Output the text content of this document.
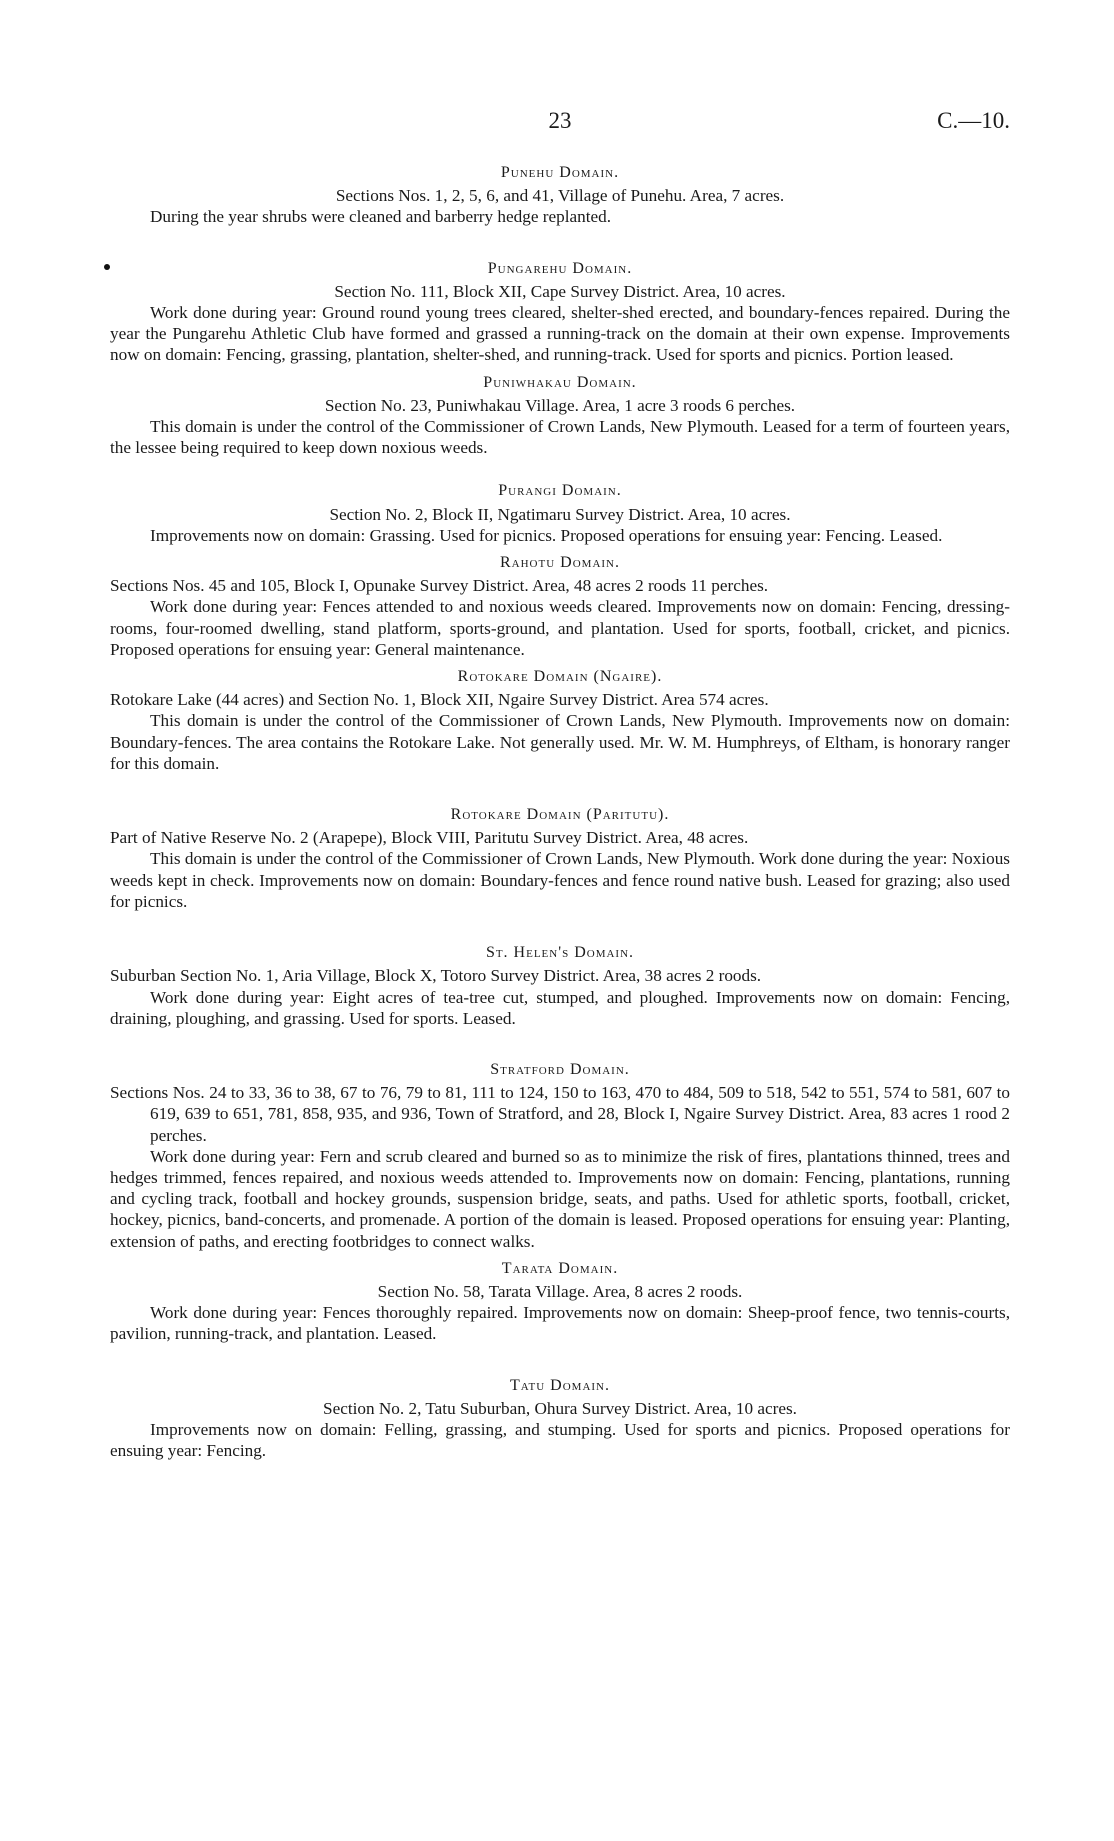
23	C.—10.
Punehu Domain.
Sections Nos. 1, 2, 5, 6, and 41, Village of Punehu. Area, 7 acres.

During the year shrubs were cleaned and barberry hedge replanted.

Pungarehu Domain.
Section No. 111, Block XII, Cape Survey District. Area, 10 acres.

Work done during year: Ground round young trees cleared, shelter-shed erected, and boundary-fences repaired. During the year the Pungarehu Athletic Club have formed and grassed a running-track on the domain at their own expense. Improvements now on domain: Fencing, grassing, plantation, shelter-shed, and running-track. Used for sports and picnics. Portion leased.

Puniwhakau Domain.
Section No. 23, Puniwhakau Village. Area, 1 acre 3 roods 6 perches.

This domain is under the control of the Commissioner of Crown Lands, New Plymouth. Leased for a term of fourteen years, the lessee being required to keep down noxious weeds.

Purangi Domain.
Section No. 2, Block II, Ngatimaru Survey District. Area, 10 acres.

Improvements now on domain: Grassing. Used for picnics. Proposed operations for ensuing year: Fencing. Leased.

Rahotu Domain.
Sections Nos. 45 and 105, Block I, Opunake Survey District. Area, 48 acres 2 roods 11 perches.

Work done during year: Fences attended to and noxious weeds cleared. Improvements now on domain: Fencing, dressing-rooms, four-roomed dwelling, stand platform, sports-ground, and plantation. Used for sports, football, cricket, and picnics. Proposed operations for ensuing year: General maintenance.

Rotokare Domain (Ngaire).
Rotokare Lake (44 acres) and Section No. 1, Block XII, Ngaire Survey District. Area 574 acres.

This domain is under the control of the Commissioner of Crown Lands, New Plymouth. Improvements now on domain: Boundary-fences. The area contains the Rotokare Lake. Not generally used. Mr. W. M. Humphreys, of Eltham, is honorary ranger for this domain.

Rotokare Domain (Paritutu).
Part of Native Reserve No. 2 (Arapepe), Block VIII, Paritutu Survey District. Area, 48 acres.

This domain is under the control of the Commissioner of Crown Lands, New Plymouth. Work done during the year: Noxious weeds kept in check. Improvements now on domain: Boundary-fences and fence round native bush. Leased for grazing; also used for picnics.

St. Helen's Domain.
Suburban Section No. 1, Aria Village, Block X, Totoro Survey District. Area, 38 acres 2 roods.

Work done during year: Eight acres of tea-tree cut, stumped, and ploughed. Improvements now on domain: Fencing, draining, ploughing, and grassing. Used for sports. Leased.

Stratford Domain.
Sections Nos. 24 to 33, 36 to 38, 67 to 76, 79 to 81, 111 to 124, 150 to 163, 470 to 484, 509 to 518, 542 to 551, 574 to 581, 607 to 619, 639 to 651, 781, 858, 935, and 936, Town of Stratford, and 28, Block I, Ngaire Survey District. Area, 83 acres 1 rood 2 perches.

Work done during year: Fern and scrub cleared and burned so as to minimize the risk of fires, plantations thinned, trees and hedges trimmed, fences repaired, and noxious weeds attended to. Improvements now on domain: Fencing, plantations, running and cycling track, football and hockey grounds, suspension bridge, seats, and paths. Used for athletic sports, football, cricket, hockey, picnics, band-concerts, and promenade. A portion of the domain is leased. Proposed operations for ensuing year: Planting, extension of paths, and erecting footbridges to connect walks.

Tarata Domain.
Section No. 58, Tarata Village. Area, 8 acres 2 roods.

Work done during year: Fences thoroughly repaired. Improvements now on domain: Sheep-proof fence, two tennis-courts, pavilion, running-track, and plantation. Leased.

Tatu Domain.
Section No. 2, Tatu Suburban, Ohura Survey District. Area, 10 acres.

Improvements now on domain: Felling, grassing, and stumping. Used for sports and picnics. Proposed operations for ensuing year: Fencing.
